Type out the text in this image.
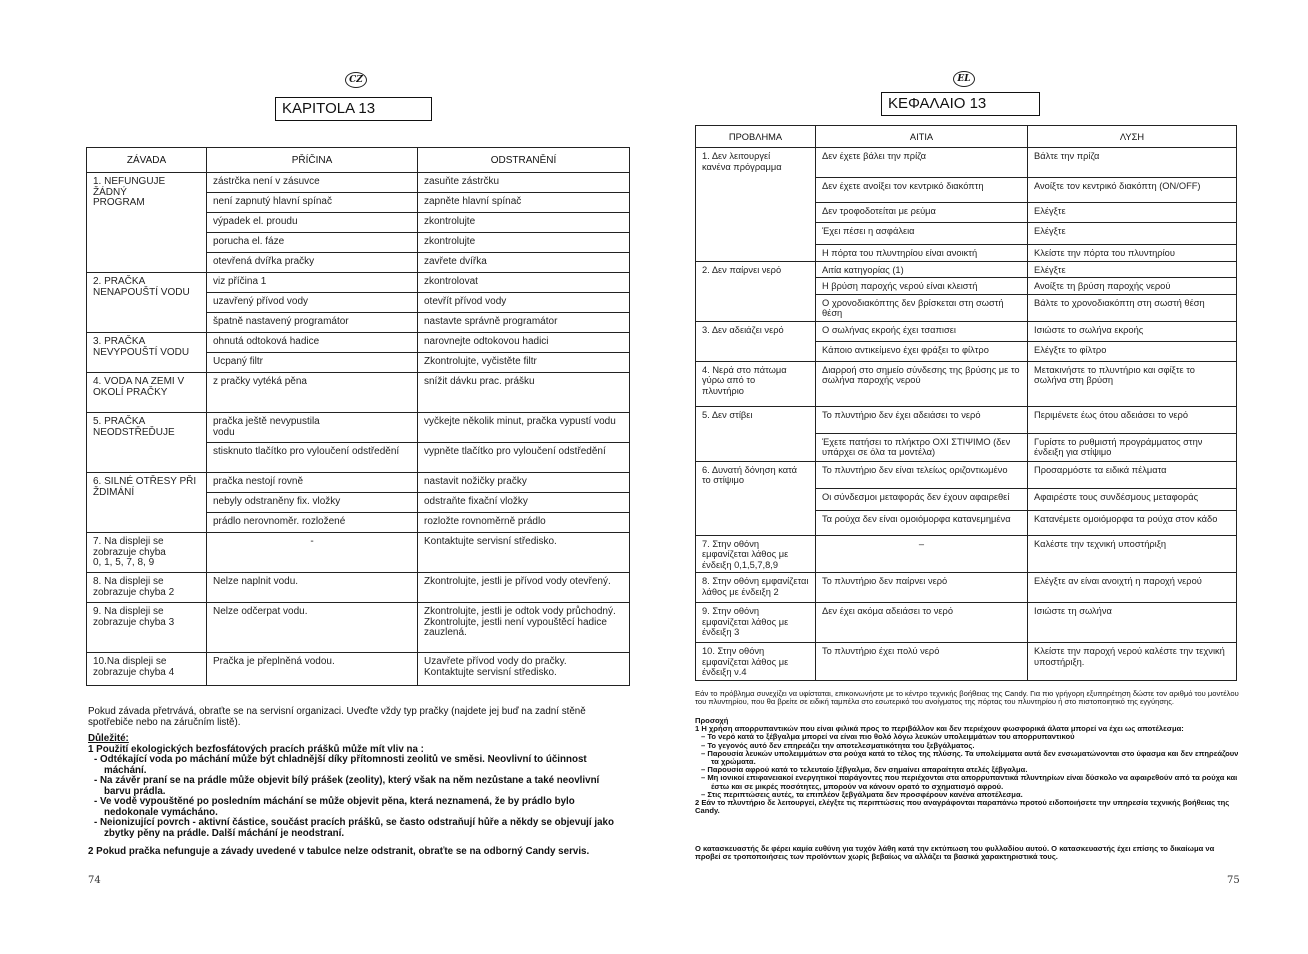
CZ
KAPITOLA 13
ZÁVADA	PŘÍČINA	ODSTRANĚNÍ
1. NEFUNGUJE ŽÁDNÝ
PROGRAM	zástrčka není v zásuvce	zasuňte zástrčku
	není zapnutý hlavní spínač	zapněte hlavní spínač
	výpadek el. proudu	zkontrolujte
	porucha el. fáze	zkontrolujte
	otevřená dvířka pračky	zavřete dvířka
2. PRAČKA
NENAPOUŠTÍ VODU	viz příčina 1	zkontrolovat
	uzavřený přívod vody	otevřít přívod vody
	špatně nastavený programátor	nastavte správně programátor
3. PRAČKA
NEVYPOUŠTÍ VODU	ohnutá odtoková hadice	narovnejte odtokovou hadici
	Ucpaný filtr	Zkontrolujte, vyčistěte filtr
4. VODA NA ZEMI V
OKOLÍ PRAČKY	z pračky vytéká pěna	snížit dávku prac. prášku
5. PRAČKA
NEODSTŘEĎUJE	pračka ještě nevypustila
vodu	vyčkejte několik minut, pračka vypustí vodu
	stisknuto tlačítko pro vyloučení odstředění	vypněte tlačítko pro vyloučení odstředění
6. SILNÉ OTŘESY PŘI
ŽDIMÁNÍ	pračka nestojí rovně	nastavit nožičky pračky
	nebyly odstraněny fix. vložky	odstraňte fixační vložky
	prádlo nerovnoměr. rozložené	rozložte rovnoměrně prádlo
7. Na displeji se
zobrazuje chyba
0, 1, 5, 7, 8, 9	-	Kontaktujte servisní středisko.
8. Na displeji se
zobrazuje chyba 2	Nelze naplnit vodu.	Zkontrolujte, jestli je přívod vody otevřený.
9. Na displeji se
zobrazuje chyba 3	Nelze odčerpat vodu.	Zkontrolujte, jestli je odtok vody průchodný.
Zkontrolujte, jestli není vypouštěcí hadice zauzlená.
10.Na displeji se
zobrazuje chyba 4	Pračka je přeplněná vodou.	Uzavřete přívod vody do pračky.
Kontaktujte servisní středisko.
Pokud závada přetrvává, obraťte se na servisní organizaci. Uveďte vždy typ pračky (najdete jej buď na zadní stěně spotřebiče nebo na záručním listě).
Důležité:
1 Použití ekologických bezfosfátových pracích prášků může mít vliv na :
- Odtékající voda po máchání může být chladnější díky přítomnosti zeolitů ve směsi. Neovlivní to účinnost máchání.
- Na závěr praní se na prádle může objevit bílý prášek (zeolity), který však na něm nezůstane a také neovlivní barvu prádla.
- Ve vodě vypouštěné po posledním máchání se může objevit pěna, která neznamená, že by prádlo bylo nedokonale vymácháno.
- Neionizující povrch - aktivní částice, součást pracích prášků, se často odstraňují hůře a někdy se objevují jako zbytky pěny na prádle. Další máchání je neodstraní.
2 Pokud pračka nefunguje a závady uvedené v tabulce nelze odstranit, obraťte se na odborný Candy servis.
74
EL
ΚΕΦΑΛΑΙΟ 13
ΠΡΟΒΛΗΜΑ	ΑΙΤΙΑ	ΛΥΣΗ
1. Δεν λειτουργεί
κανένα πρόγραμμα	Δεν έχετε βάλει την πρίζα	Βάλτε την πρίζα
	Δεν έχετε ανοίξει τον κεντρικό διακόπτη	Ανοίξτε τον κεντρικό διακόπτη (ON/OFF)
	Δεν τροφοδοτείται με ρεύμα	Ελέγξτε
	Έχει πέσει η ασφάλεια	Ελέγξτε
	Η πόρτα του πλυντηρίου είναι ανοικτή	Κλείστε την πόρτα του πλυντηρίου
2. Δεν παίρνει νερό	Αιτία κατηγορίας (1)	Ελέγξτε
	Η βρύση παροχής νερού είναι κλειστή	Ανοίξτε τη βρύση παροχής νερού
	Ο χρονοδιακόπτης δεν βρίσκεται στη σωστή θέση	Βάλτε το χρονοδιακόπτη στη σωστή θέση
3. Δεν αδειάζει νερό	Ο σωλήνας εκροής έχει τσαπισει	Ισιώστε το σωλήνα εκροής
	Κάποιο αντικείμενο έχει φράξει το φίλτρο	Ελέγξτε το φίλτρο
4. Νερά στο πάτωμα
γύρω από το
πλυντήριο	Διαρροή στο σημείο σύνδεσης της βρύσης με το σωλήνα παροχής νερού	Μετακινήστε το πλυντήριο και σφίξτε το σωλήνα στη βρύση
5. Δεν στίβει	Το πλυντήριο δεν έχει αδειάσει το νερό	Περιμένετε έως ότου αδειάσει το νερό
	Έχετε πατήσει το πλήκτρο ΟΧΙ ΣΤΙΨΙΜΟ (δεν υπάρχει σε όλα τα μοντέλα)	Γυρίστε το ρυθμιστή προγράμματος στην ένδειξη για στίψιμο
6. Δυνατή δόνηση κατά
το στίψιμο	Το πλυντήριο δεν είναι τελείως οριζοντιωμένο	Προσαρμόστε τα ειδικά πέλματα
	Οι σύνδεσμοι μεταφοράς δεν έχουν αφαιρεθεί	Αφαιρέστε τους συνδέσμους μεταφοράς
	Τα ρούχα δεν είναι ομοιόμορφα κατανεμημένα	Κατανέμετε ομοιόμορφα τα ρούχα στον κάδο
7. Στην οθόνη
εμφανίζεται λάθος με
ένδειξη 0,1,5,7,8,9	–	Καλέστε την τεχνική υποστήριξη
8. Στην οθόνη εμφανίζεται
λάθος με ένδειξη 2	Το πλυντήριο δεν παίρνει νερό	Ελέγξτε αν είναι ανοιχτή η παροχή νερού
9. Στην οθόνη
εμφανίζεται λάθος με
ένδειξη 3	Δεν έχει ακόμα αδειάσει το νερό	Ισιώστε τη σωλήνα
10. Στην οθόνη
εμφανίζεται λάθος με
ένδειξη ν.4	Το πλυντήριο έχει πολύ νερό	Κλείστε την παροχή νερού καλέστε την τεχνική υποστήριξη.
Εάν το πρόβλημα συνεχίζει να υφίσταται, επικοινωνήστε με το κέντρο τεχνικής βοήθειας της Candy. Για πιο γρήγορη εξυπηρέτηση δώστε τον αριθμό του μοντέλου του πλυντηρίου, που θα βρείτε σε ειδική ταμπέλα στο εσωτερικό του ανοίγματος της πόρτας του πλυντηρίου ή στο πιστοποιητικό της εγγύησης.
Προσοχή
1 Η χρήση απορρυπαντικών που είναι φιλικά προς το περιβάλλον και δεν περιέχουν φωσφορικά άλατα μπορεί να έχει ως αποτέλεσμα:
– Το νερό κατά το ξέβγαλμα μπορεί να είναι πιο θολό λόγω λευκών υπολειμμάτων του απορρυπαντικού
– Το γεγονός αυτό δεν επηρεάζει την αποτελεσματικότητα του ξεβγάλματος.
– Παρουσία λευκών υπολειμμάτων στα ρούχα κατά το τέλος της πλύσης. Τα υπολείμματα αυτά δεν ενσωματώνονται στο ύφασμα και δεν επηρεάζουν τα χρώματα.
– Παρουσία αφρού κατά το τελευταίο ξέβγαλμα, δεν σημαίνει απαραίτητα ατελές ξέβγαλμα.
– Μη ιονικοί επιφανειακοί ενεργητικοί παράγοντες που περιέχονται στα απορρυπαντικά πλυντηρίων είναι δύσκολο να αφαιρεθούν από τα ρούχα και έστω και σε μικρές ποσότητες, μπορούν να κάνουν ορατό το σχηματισμό αφρού.
– Στις περιπτώσεις αυτές, τα επιπλέον ξεβγάλματα δεν προσφέρουν κανένα αποτέλεσμα.
2 Εάν το πλυντήριο δε λειτουργεί, ελέγξτε τις περιπτώσεις που αναγράφονται παραπάνω προτού ειδοποιήσετε την υπηρεσία τεχνικής βοήθειας της Candy.
Ο κατασκευαστής δε φέρει καμία ευθύνη για τυχόν λάθη κατά την εκτύπωση του φυλλαδίου αυτού. Ο κατασκευαστής έχει επίσης το δικαίωμα να προβεί σε τροποποιήσεις των προϊόντων χωρίς βεβαίως να αλλάζει τα βασικά χαρακτηριστικά τους.
75
